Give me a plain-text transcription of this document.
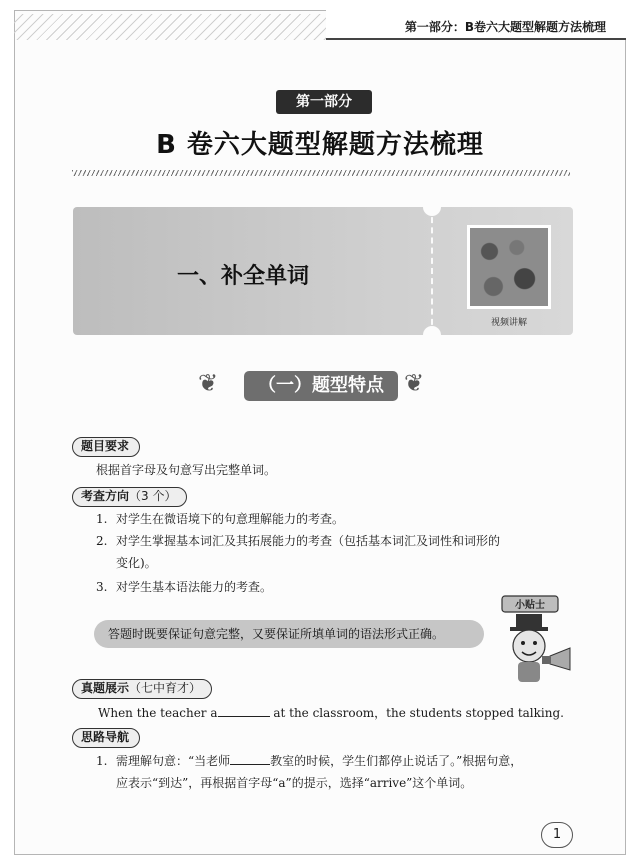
第一部分：B卷六大题型解题方法梳理
第一部分
B 卷六大题型解题方法梳理
一、补全单词
视频讲解
❦	（一）题型特点 ❦
题目要求
根据首字母及句意写出完整单词。
考查方向（3 个）
1. 对学生在微语境下的句意理解能力的考查。
2. 对学生掌握基本词汇及其拓展能力的考查（包括基本词汇及词性和词形的
变化)。
3. 对学生基本语法能力的考查。
答题时既要保证句意完整，又要保证所填单词的语法形式正确。
小贴士
真题展示（七中育才）
When the teacher a	at the classroom，the students stopped talking.
思路导航
1. 需理解句意：“当老师	教室的时候，学生们都停止说话了。”根据句意，
应表示“到达”，再根据首字母“a”的提示，选择“arrive”这个单词。
1
